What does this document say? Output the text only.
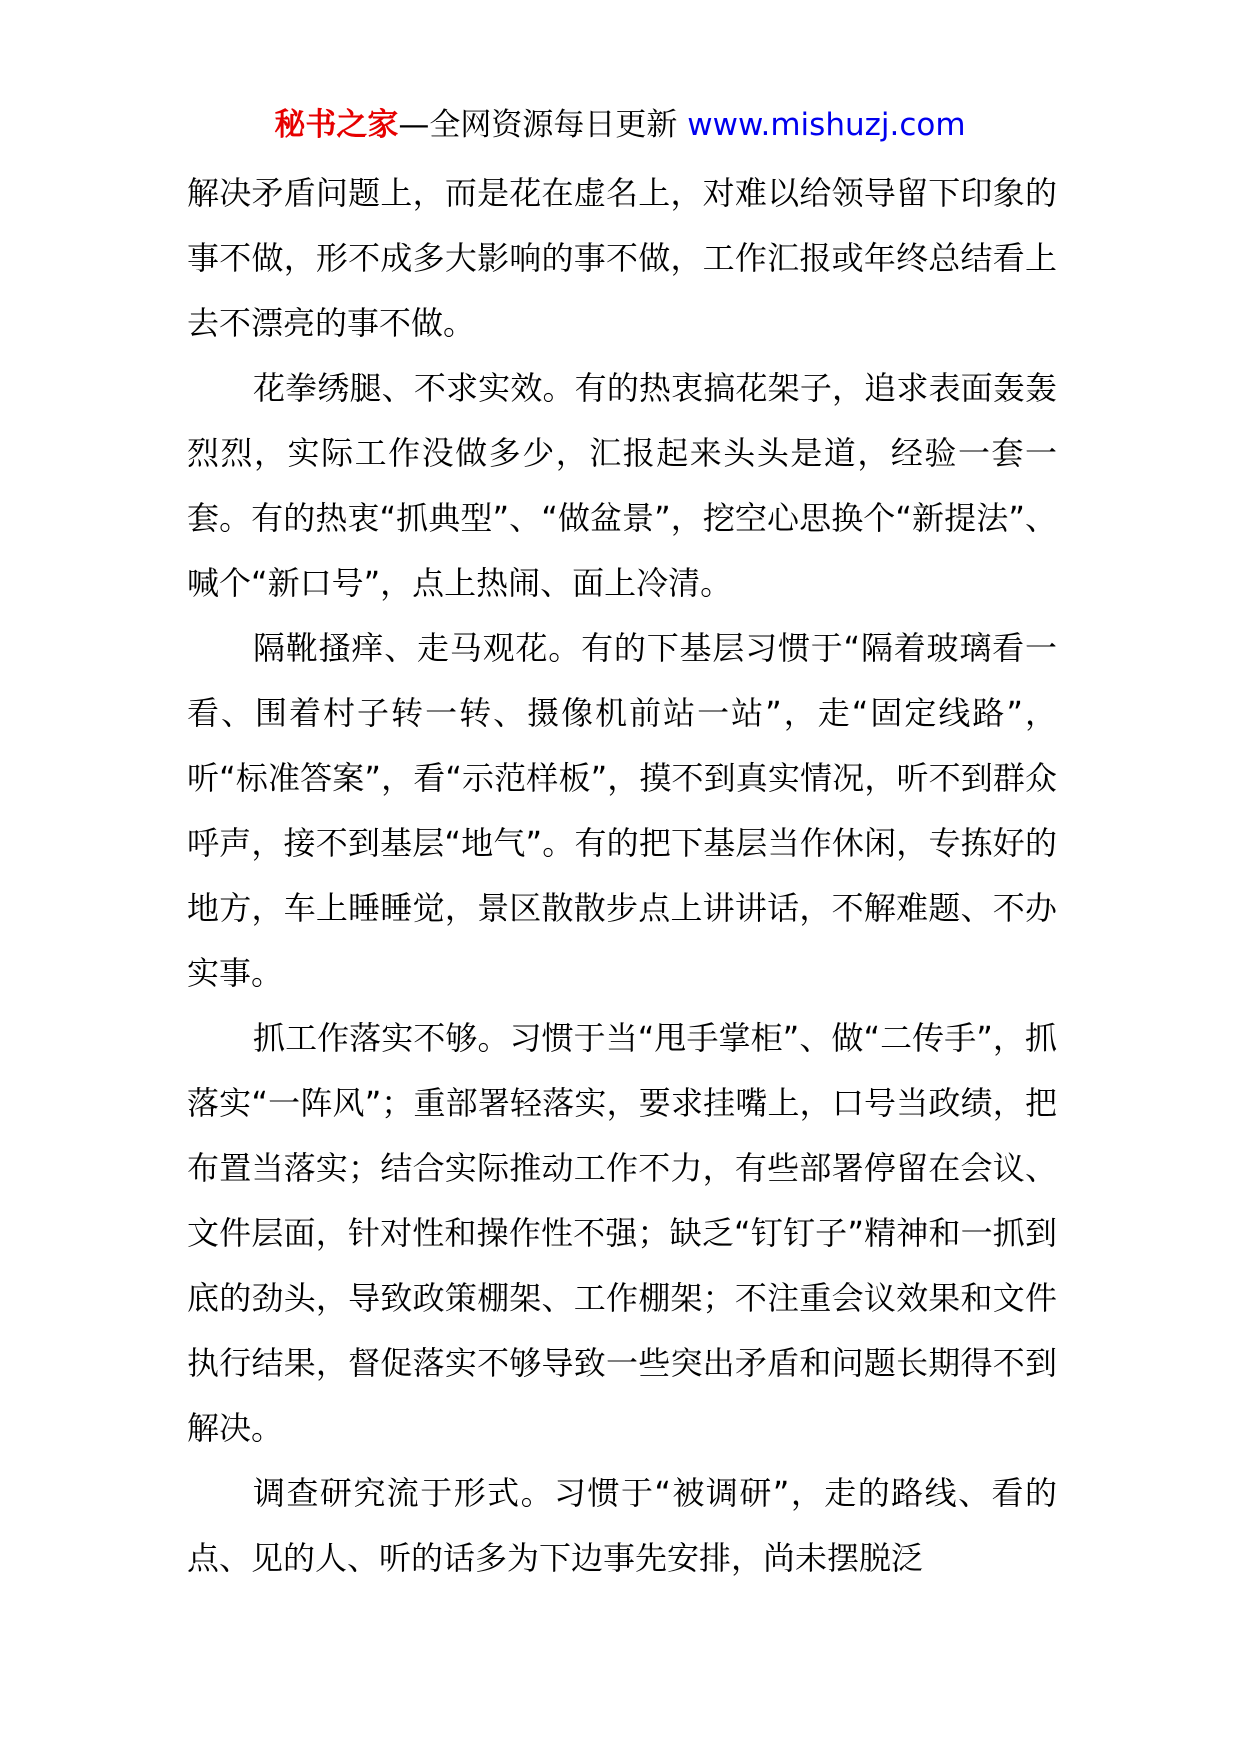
秘书之家—全网资源每日更新 www.mishuzj.com

解决矛盾问题上，而是花在虚名上，对难以给领导留下印象的事不做，形不成多大影响的事不做，工作汇报或年终总结看上去不漂亮的事不做。

花拳绣腿、不求实效。有的热衷搞花架子，追求表面轰轰烈烈，实际工作没做多少，汇报起来头头是道，经验一套一套。有的热衷“抓典型”、“做盆景”，挖空心思换个“新提法”、喊个“新口号”，点上热闹、面上冷清。

隔靴搔痒、走马观花。有的下基层习惯于“隔着玻璃看一看、围着村子转一转、摄像机前站一站”，走“固定线路”，听“标准答案”，看“示范样板”，摸不到真实情况，听不到群众呼声，接不到基层“地气”。有的把下基层当作休闲，专拣好的地方，车上睡睡觉，景区散散步点上讲讲话，不解难题、不办实事。

抓工作落实不够。习惯于当“甩手掌柜”、做“二传手”，抓落实“一阵风”；重部署轻落实，要求挂嘴上，口号当政绩，把布置当落实；结合实际推动工作不力，有些部署停留在会议、文件层面，针对性和操作性不强；缺乏“钉钉子”精神和一抓到底的劲头，导致政策棚架、工作棚架；不注重会议效果和文件执行结果，督促落实不够导致一些突出矛盾和问题长期得不到解决。

调查研究流于形式。习惯于“被调研”，走的路线、看的点、见的人、听的话多为下边事先安排，尚未摆脱泛
